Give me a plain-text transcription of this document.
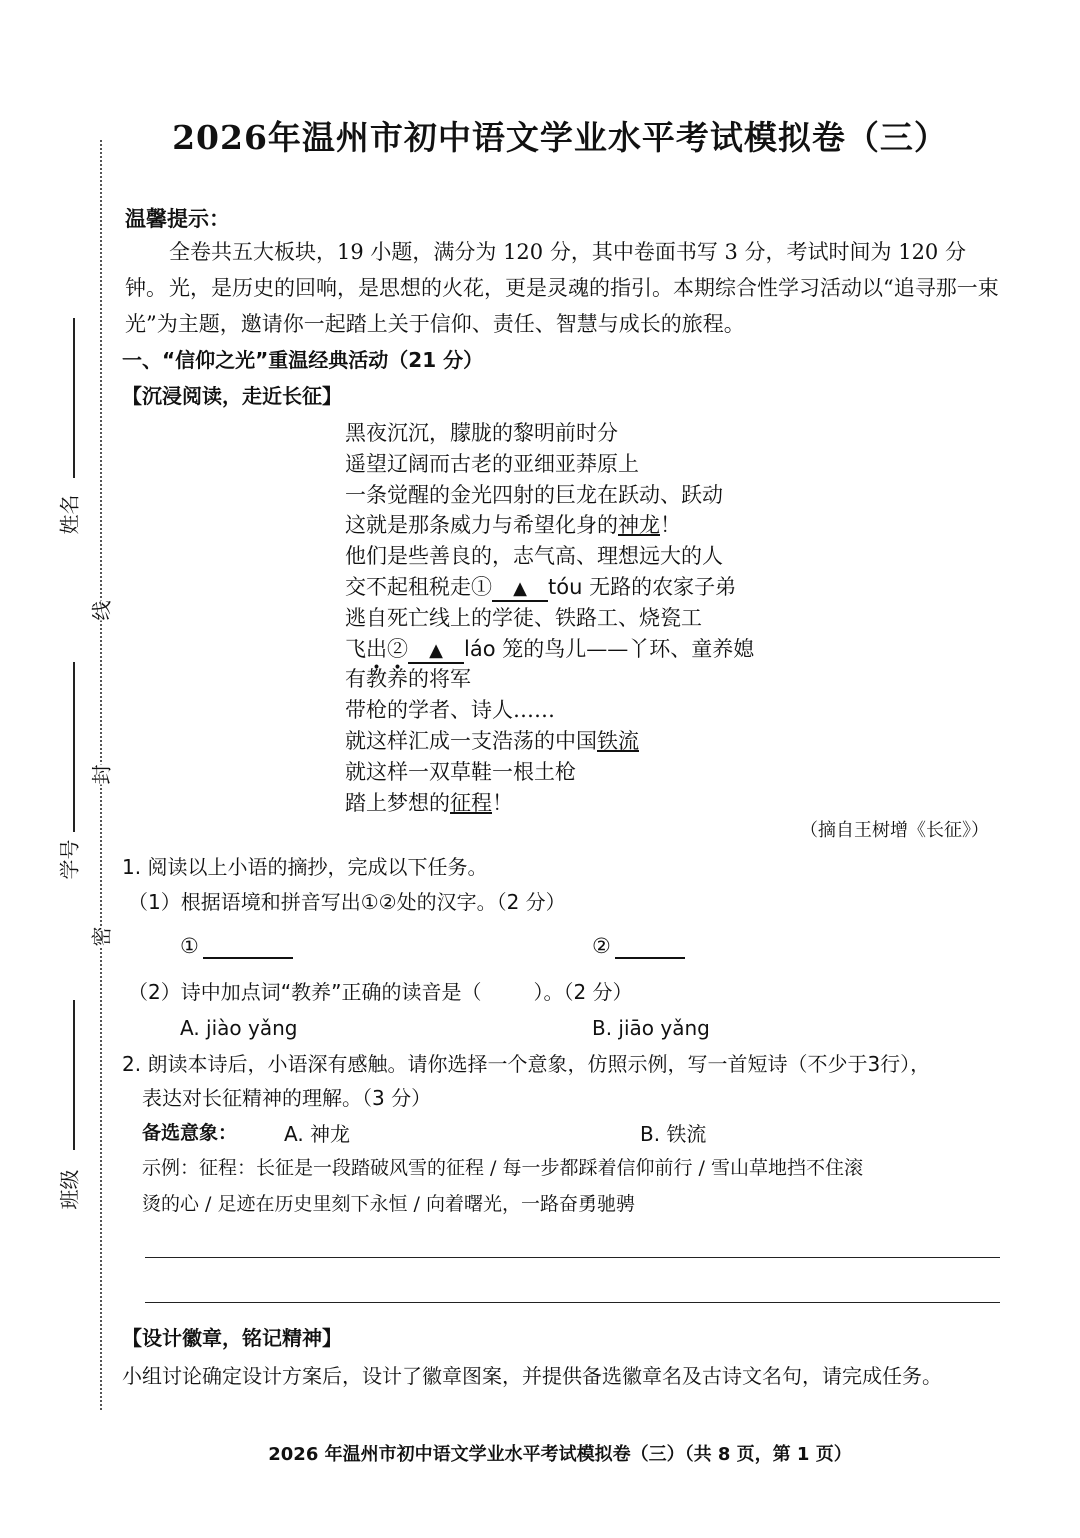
姓名
学号
班级
线
封
密
2026年温州市初中语文学业水平考试模拟卷（三）
温馨提示：
全卷共五大板块，19 小题，满分为 120 分，其中卷面书写 3 分，考试时间为 120 分钟。 光，是历史的回响，是思想的火花，更是灵魂的指引。本期综合性学习活动以“追寻那一束光”为主题，邀请你一起踏上关于信仰、责任、智慧与成长的旅程。
一、“信仰之光”重温经典活动（21 分）
【沉浸阅读，走近长征】
黑夜沉沉，朦胧的黎明前时分
遥望辽阔而古老的亚细亚莽原上
一条觉醒的金光四射的巨龙在跃动、跃动
这就是那条威力与希望化身的神龙！
他们是些善良的，志气高、理想远大的人
交不起租税走① ▲ tóu 无路的农家子弟
逃自死亡线上的学徒、铁路工、烧瓷工
飞出② ▲ láo 笼的鸟儿——丫环、童养媳
有教养的将军
带枪的学者、诗人……
就这样汇成一支浩荡的中国铁流
就这样一双草鞋一根土枪
踏上梦想的征程！
（摘自王树增《长征》）
1. 阅读以上小语的摘抄，完成以下任务。
（1）根据语境和拼音写出①②处的汉字。（2 分）
①	②
（2）诗中加点词“教养”正确的读音是（	）。（2 分）
A. jiào yǎng	B. jiāo yǎng
2. 朗读本诗后，小语深有感触。请你选择一个意象，仿照示例，写一首短诗（不少于3行），
表达对长征精神的理解。（3 分）
备选意象： A. 神龙	B. 铁流
示例：征程：长征是一段踏破风雪的征程 / 每一步都踩着信仰前行 / 雪山草地挡不住滚
烫的心 / 足迹在历史里刻下永恒 / 向着曙光，一路奋勇驰骋
【设计徽章，铭记精神】
小组讨论确定设计方案后，设计了徽章图案，并提供备选徽章名及古诗文名句，请完成任务。
2026 年温州市初中语文学业水平考试模拟卷（三）（共 8 页，第 1 页）
